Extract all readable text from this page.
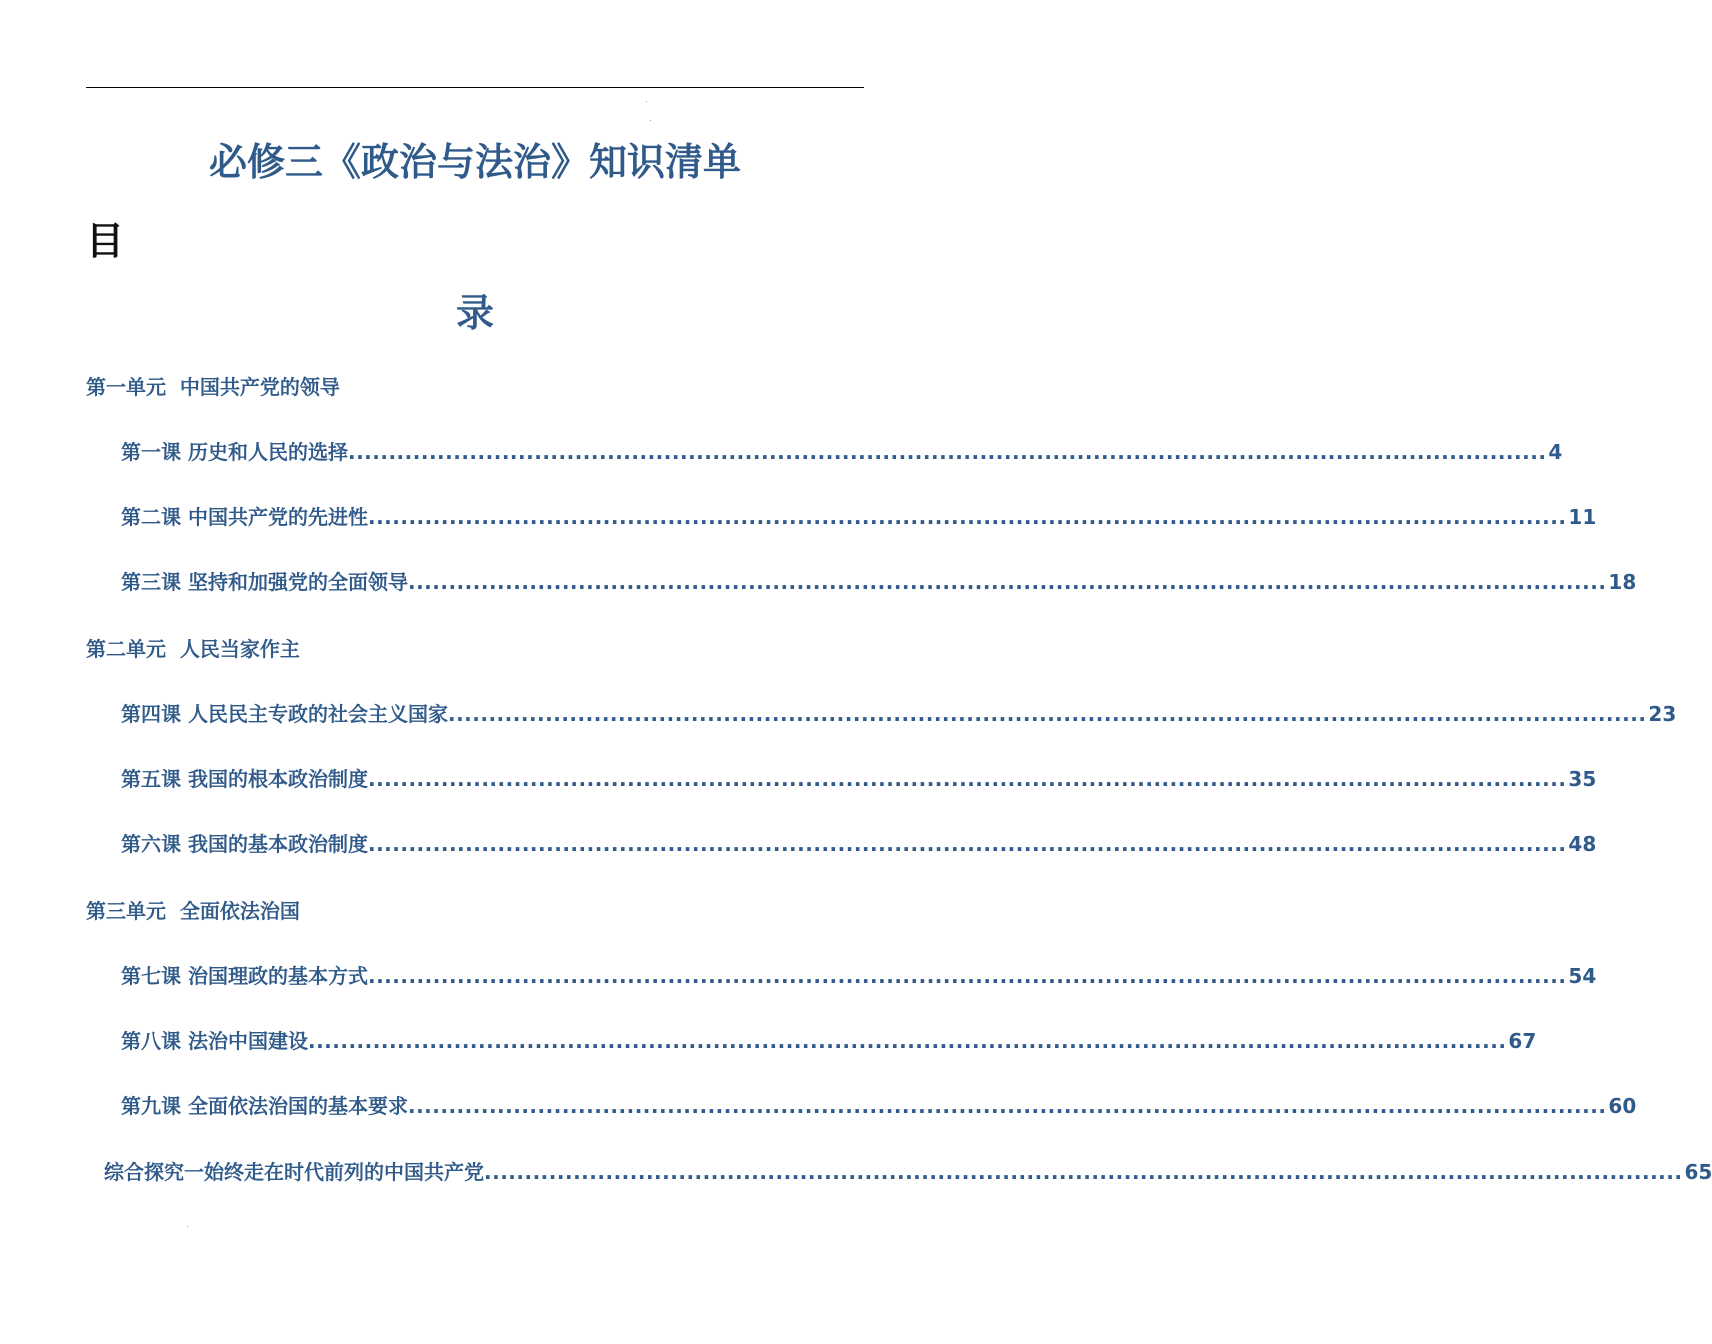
必修三《政治与法治》知识清单
目
录
第一单元  中国共产党的领导
第一课 历史和人民的选择 .................................................................................................................................................... 4
第二课 中国共产党的先进性 .................................................................................................................................................... 11
第三课 坚持和加强党的全面领导 .................................................................................................................................................... 18
第二单元  人民当家作主
第四课 人民民主专政的社会主义国家 .................................................................................................................................................... 23
第五课 我国的根本政治制度 .................................................................................................................................................... 35
第六课 我国的基本政治制度 .................................................................................................................................................... 48
第三单元  全面依法治国
第七课 治国理政的基本方式 .................................................................................................................................................... 54
第八课 法治中国建设 .................................................................................................................................................... 67
第九课 全面依法治国的基本要求 .................................................................................................................................................... 60
综合探究一始终走在时代前列的中国共产党 .................................................................................................................................................... 65
